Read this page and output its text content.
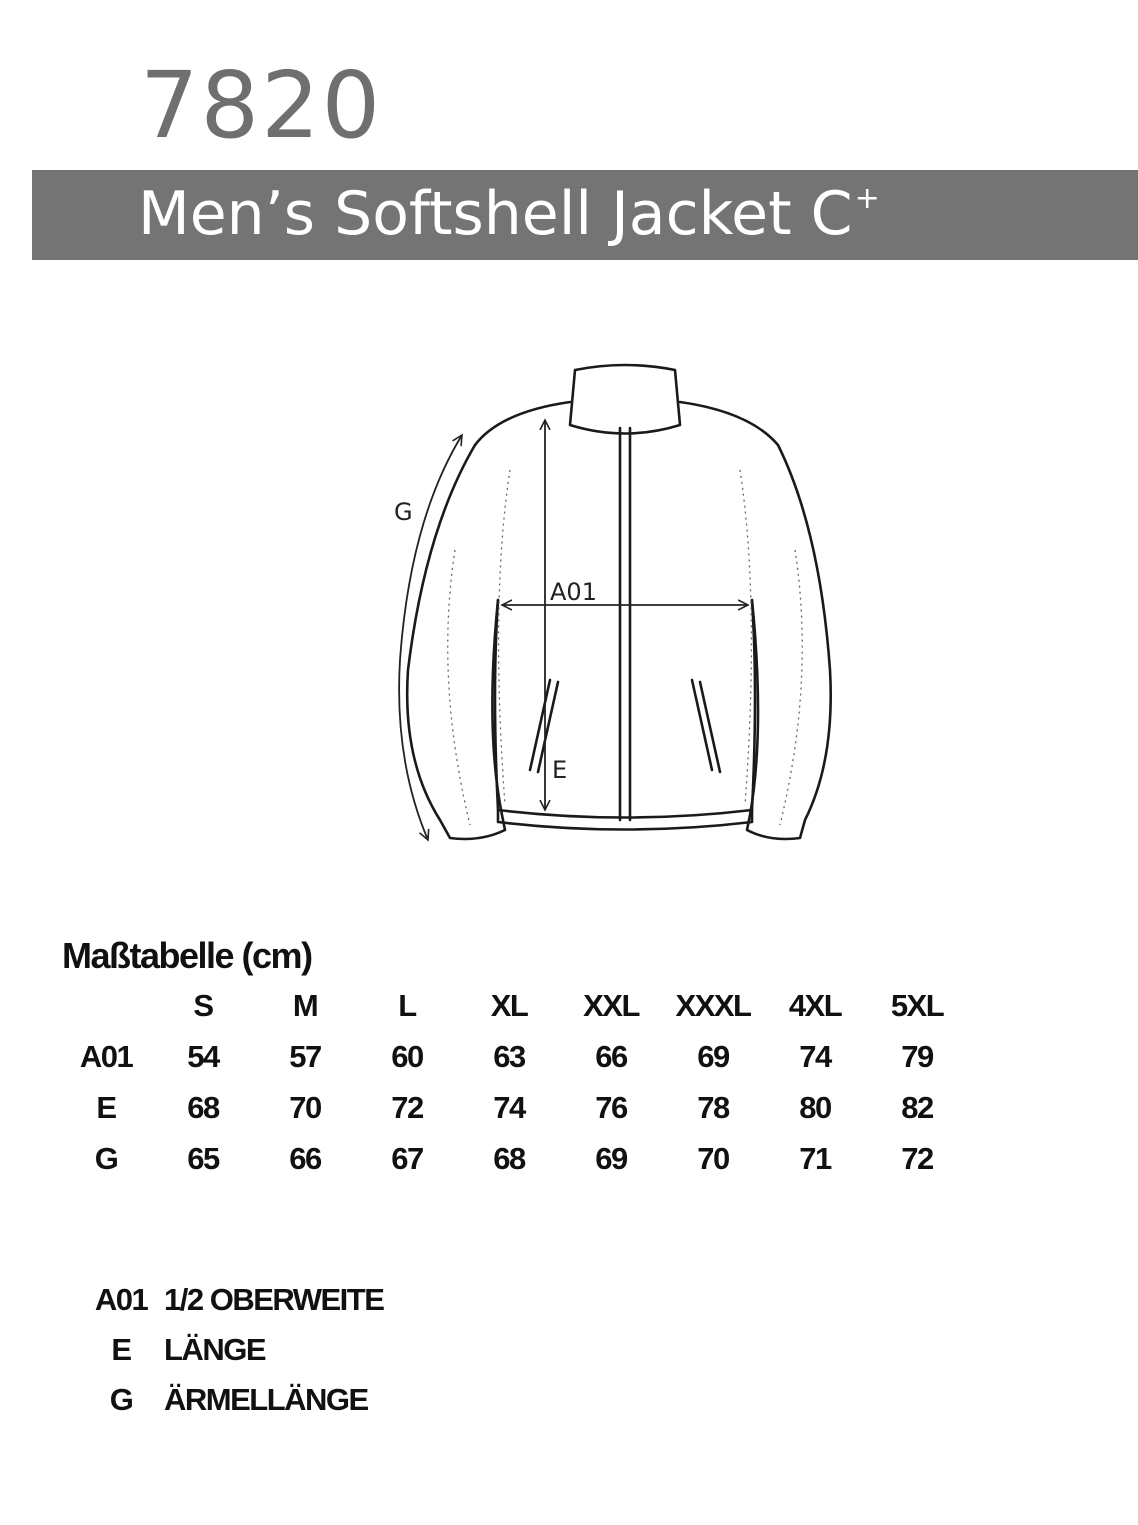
7820
Men’s Softshell Jacket C+
A01
E
G
Maßtabelle (cm)
	S	M	L	XL	XXL	XXXL	4XL	5XL
A01	54	57	60	63	66	69	74	79
E	68	70	72	74	76	78	80	82
G	65	66	67	68	69	70	71	72
A01 1/2 OBERWEITE
E	LÄNGE
G	ÄRMELLÄNGE
